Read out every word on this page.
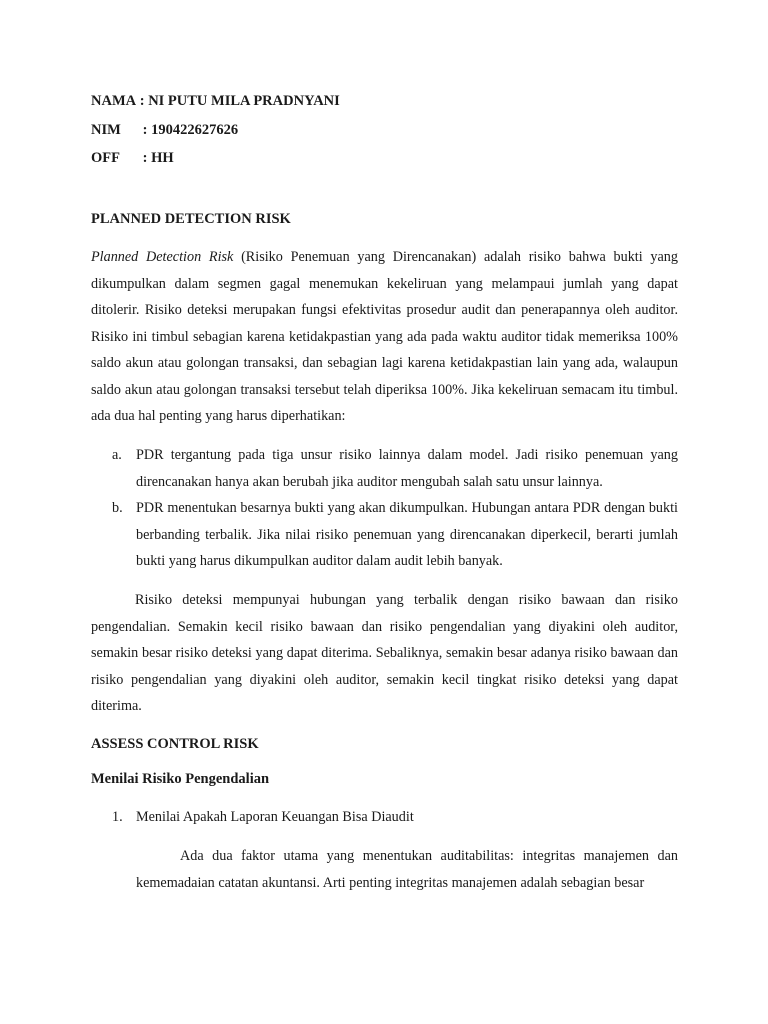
NAMA : NI PUTU MILA PRADNYANI
NIM : 190422627626
OFF : HH
PLANNED DETECTION RISK
Planned Detection Risk (Risiko Penemuan yang Direncanakan) adalah risiko bahwa bukti yang dikumpulkan dalam segmen gagal menemukan kekeliruan yang melampaui jumlah yang dapat ditolerir. Risiko deteksi merupakan fungsi efektivitas prosedur audit dan penerapannya oleh auditor. Risiko ini timbul sebagian karena ketidakpastian yang ada pada waktu auditor tidak memeriksa 100% saldo akun atau golongan transaksi, dan sebagian lagi karena ketidakpastian lain yang ada, walaupun saldo akun atau golongan transaksi tersebut telah diperiksa 100%. Jika kekeliruan semacam itu timbul. ada dua hal penting yang harus diperhatikan:
a. PDR tergantung pada tiga unsur risiko lainnya dalam model. Jadi risiko penemuan yang direncanakan hanya akan berubah jika auditor mengubah salah satu unsur lainnya.
b. PDR menentukan besarnya bukti yang akan dikumpulkan. Hubungan antara PDR dengan bukti berbanding terbalik. Jika nilai risiko penemuan yang direncanakan diperkecil, berarti jumlah bukti yang harus dikumpulkan auditor dalam audit lebih banyak.
Risiko deteksi mempunyai hubungan yang terbalik dengan risiko bawaan dan risiko pengendalian. Semakin kecil risiko bawaan dan risiko pengendalian yang diyakini oleh auditor, semakin besar risiko deteksi yang dapat diterima. Sebaliknya, semakin besar adanya risiko bawaan dan risiko pengendalian yang diyakini oleh auditor, semakin kecil tingkat risiko deteksi yang dapat diterima.
ASSESS CONTROL RISK
Menilai Risiko Pengendalian
1. Menilai Apakah Laporan Keuangan Bisa Diaudit
Ada dua faktor utama yang menentukan auditabilitas: integritas manajemen dan kememadaian catatan akuntansi. Arti penting integritas manajemen adalah sebagian besar
